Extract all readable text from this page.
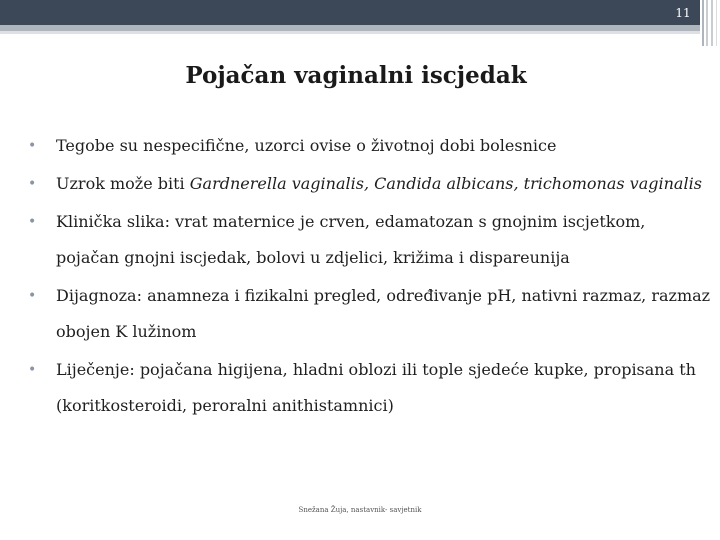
11
Pojačan vaginalni iscjedak
• Tegobe su nespecifične, uzorci ovise o životnoj dobi bolesnice
• Uzrok može biti Gardnerella vaginalis, Candida albicans, trichomonas vaginalis
• Klinička slika: vrat maternice je crven, edamatozan s gnojnim iscjetkom, pojačan gnojni iscjedak, bolovi u zdjelici, križima i dispareunija
• Dijagnoza: anamneza i fizikalni pregled, određivanje pH, nativni razmaz, razmaz obojen K lužinom
• Liječenje: pojačana higijena, hladni oblozi ili tople sjedeće kupke, propisana th (koritkosteroidi, peroralni anithistamnici)
Snežana Žuja, nastavnik- savjetnik
